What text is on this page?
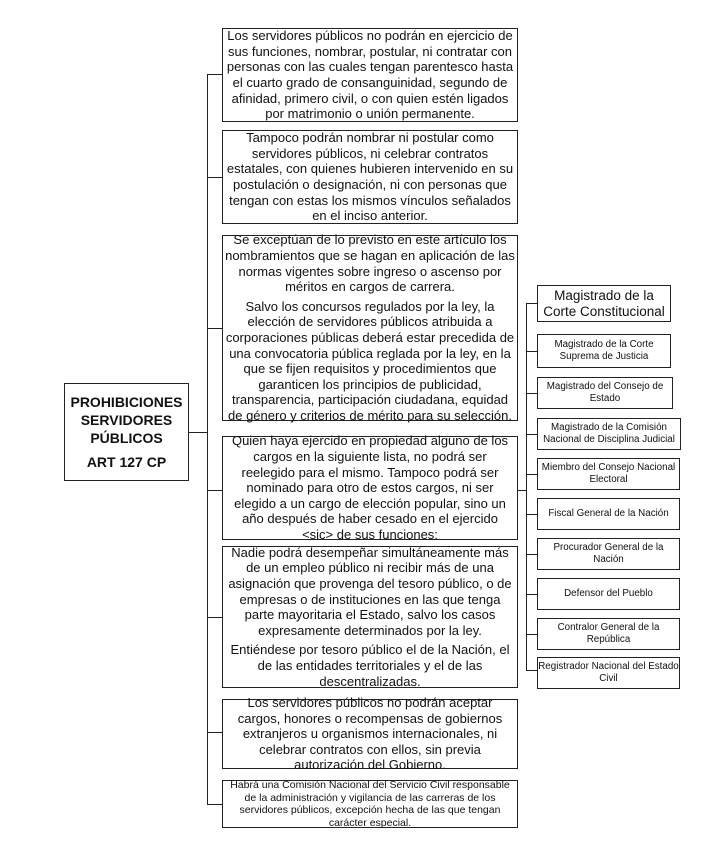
PROHIBICIONES
SERVIDORES
PÚBLICOS
ART 127 CP

Los servidores públicos no podrán en ejercicio de sus funciones, nombrar, postular, ni contratar con personas con las cuales tengan parentesco hasta el cuarto grado de consanguinidad, segundo de afinidad, primero civil, o con quien estén ligados por matrimonio o unión permanente.

Tampoco podrán nombrar ni postular como servidores públicos, ni celebrar contratos estatales, con quienes hubieren intervenido en su postulación o designación, ni con personas que tengan con estas los mismos vínculos señalados en el inciso anterior.

Se exceptúan de lo previsto en este artículo los nombramientos que se hagan en aplicación de las normas vigentes sobre ingreso o ascenso por méritos en cargos de carrera.

Salvo los concursos regulados por la ley, la elección de servidores públicos atribuida a corporaciones públicas deberá estar precedida de una convocatoria pública reglada por la ley, en la que se fijen requisitos y procedimientos que garanticen los principios de publicidad, transparencia, participación ciudadana, equidad de género y criterios de mérito para su selección.

Quien haya ejercido en propiedad alguno de los cargos en la siguiente lista, no podrá ser reelegido para el mismo. Tampoco podrá ser nominado para otro de estos cargos, ni ser elegido a un cargo de elección popular, sino un año después de haber cesado en el ejercido <sic> de sus funciones:

Nadie podrá desempeñar simultáneamente más de un empleo público ni recibir más de una asignación que provenga del tesoro público, o de empresas o de instituciones en las que tenga parte mayoritaria el Estado, salvo los casos expresamente determinados por la ley.

Entiéndese por tesoro público el de la Nación, el de las entidades territoriales y el de las descentralizadas.

Los servidores públicos no podrán aceptar cargos, honores o recompensas de gobiernos extranjeros u organismos internacionales, ni celebrar contratos con ellos, sin previa autorización del Gobierno.

Habrá una Comisión Nacional del Servicio Civil responsable de la administración y vigilancia de las carreras de los servidores públicos, excepción hecha de las que tengan carácter especial.

Magistrado de la Corte Constitucional
Magistrado de la Corte Suprema de Justicia
Magistrado del Consejo de Estado
Magistrado de la Comisión Nacional de Disciplina Judicial
Miembro del Consejo Nacional Electoral
Fiscal General de la Nación
Procurador General de la Nación
Defensor del Pueblo
Contralor General de la República
Registrador Nacional del Estado Civil
